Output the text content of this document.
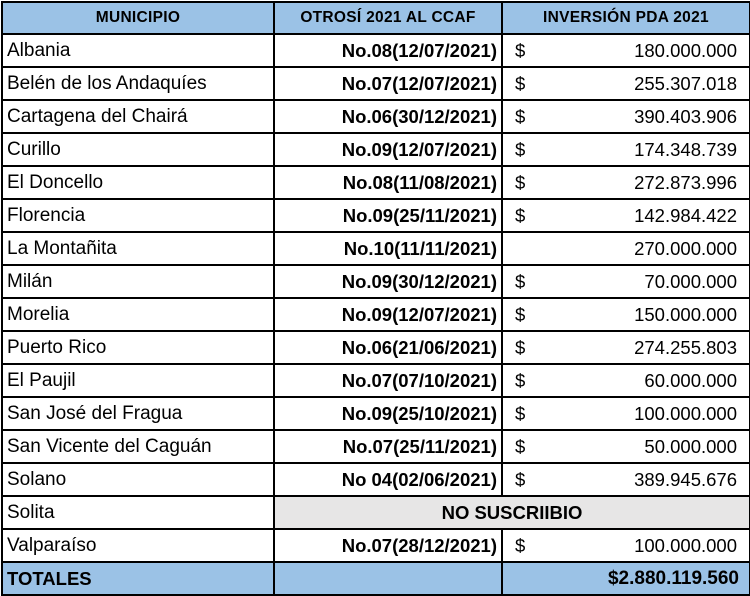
MUNICIPIO	OTROSÍ 2021 AL CCAF	INVERSIÓN PDA 2021
Albania	No.08(12/07/2021)	$ 180.000.000

Belén de los Andaquíes	No.07(12/07/2021)	$ 255.307.018

Cartagena del Chairá	No.06(30/12/2021)	$ 390.403.906

Curillo	No.09(12/07/2021)	$ 174.348.739

El Doncello	No.08(11/08/2021)	$ 272.873.996

Florencia	No.09(25/11/2021)	$ 142.984.422

La Montañita	No.10(11/11/2021)	270.000.000

Milán	No.09(30/12/2021)	$ 70.000.000

Morelia	No.09(12/07/2021)	$ 150.000.000

Puerto Rico	No.06(21/06/2021)	$ 274.255.803

El Paujil	No.07(07/10/2021)	$ 60.000.000

San José del Fragua	No.09(25/10/2021)	$ 100.000.000

San Vicente del Caguán	No.07(25/11/2021)	$ 50.000.000

Solano	No 04(02/06/2021)	$ 389.945.676

Solita	NO SUSCRIIBIO	
Valparaíso	No.07(28/12/2021)	$ 100.000.000

TOTALES		$2.880.119.560
